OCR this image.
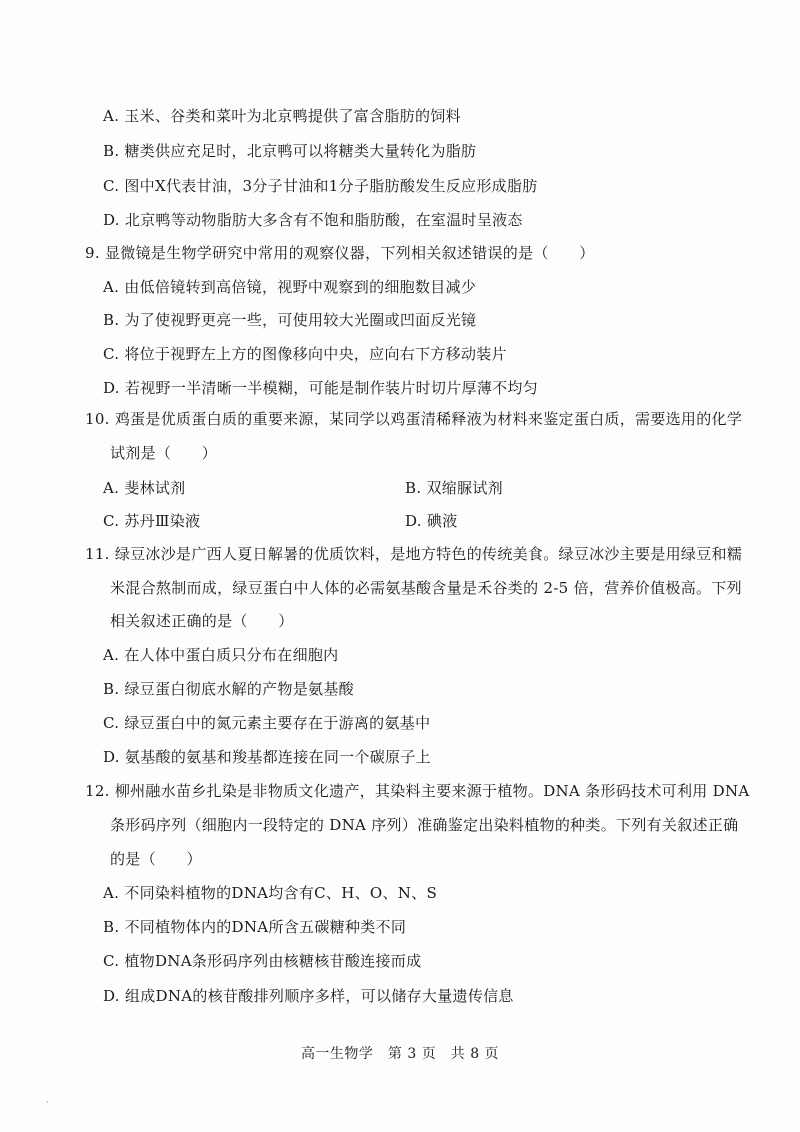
A. 玉米、谷类和菜叶为北京鸭提供了富含脂肪的饲料
B. 糖类供应充足时，北京鸭可以将糖类大量转化为脂肪
C. 图中X代表甘油，3分子甘油和1分子脂肪酸发生反应形成脂肪
D. 北京鸭等动物脂肪大多含有不饱和脂肪酸，在室温时呈液态
9. 显微镜是生物学研究中常用的观察仪器，下列相关叙述错误的是（　　）
A. 由低倍镜转到高倍镜，视野中观察到的细胞数目减少
B. 为了使视野更亮一些，可使用较大光圈或凹面反光镜
C. 将位于视野左上方的图像移向中央，应向右下方移动装片
D. 若视野一半清晰一半模糊，可能是制作装片时切片厚薄不均匀
10. 鸡蛋是优质蛋白质的重要来源，某同学以鸡蛋清稀释液为材料来鉴定蛋白质，需要选用的化学
试剂是（　　）
A. 斐林试剂	B. 双缩脲试剂
C. 苏丹Ⅲ染液	D. 碘液
11. 绿豆冰沙是广西人夏日解暑的优质饮料，是地方特色的传统美食。绿豆冰沙主要是用绿豆和糯
米混合熬制而成，绿豆蛋白中人体的必需氨基酸含量是禾谷类的 2-5 倍，营养价值极高。下列
相关叙述正确的是（　　）
A. 在人体中蛋白质只分布在细胞内
B. 绿豆蛋白彻底水解的产物是氨基酸
C. 绿豆蛋白中的氮元素主要存在于游离的氨基中
D. 氨基酸的氨基和羧基都连接在同一个碳原子上
12. 柳州融水苗乡扎染是非物质文化遗产，其染料主要来源于植物。DNA 条形码技术可利用 DNA
条形码序列（细胞内一段特定的 DNA 序列）准确鉴定出染料植物的种类。下列有关叙述正确
的是（　　）
A. 不同染料植物的DNA均含有C、H、O、N、S
B. 不同植物体内的DNA所含五碳糖种类不同
C. 植物DNA条形码序列由核糖核苷酸连接而成
D. 组成DNA的核苷酸排列顺序多样，可以储存大量遗传信息
高一生物学　第 3 页　共 8 页
·
